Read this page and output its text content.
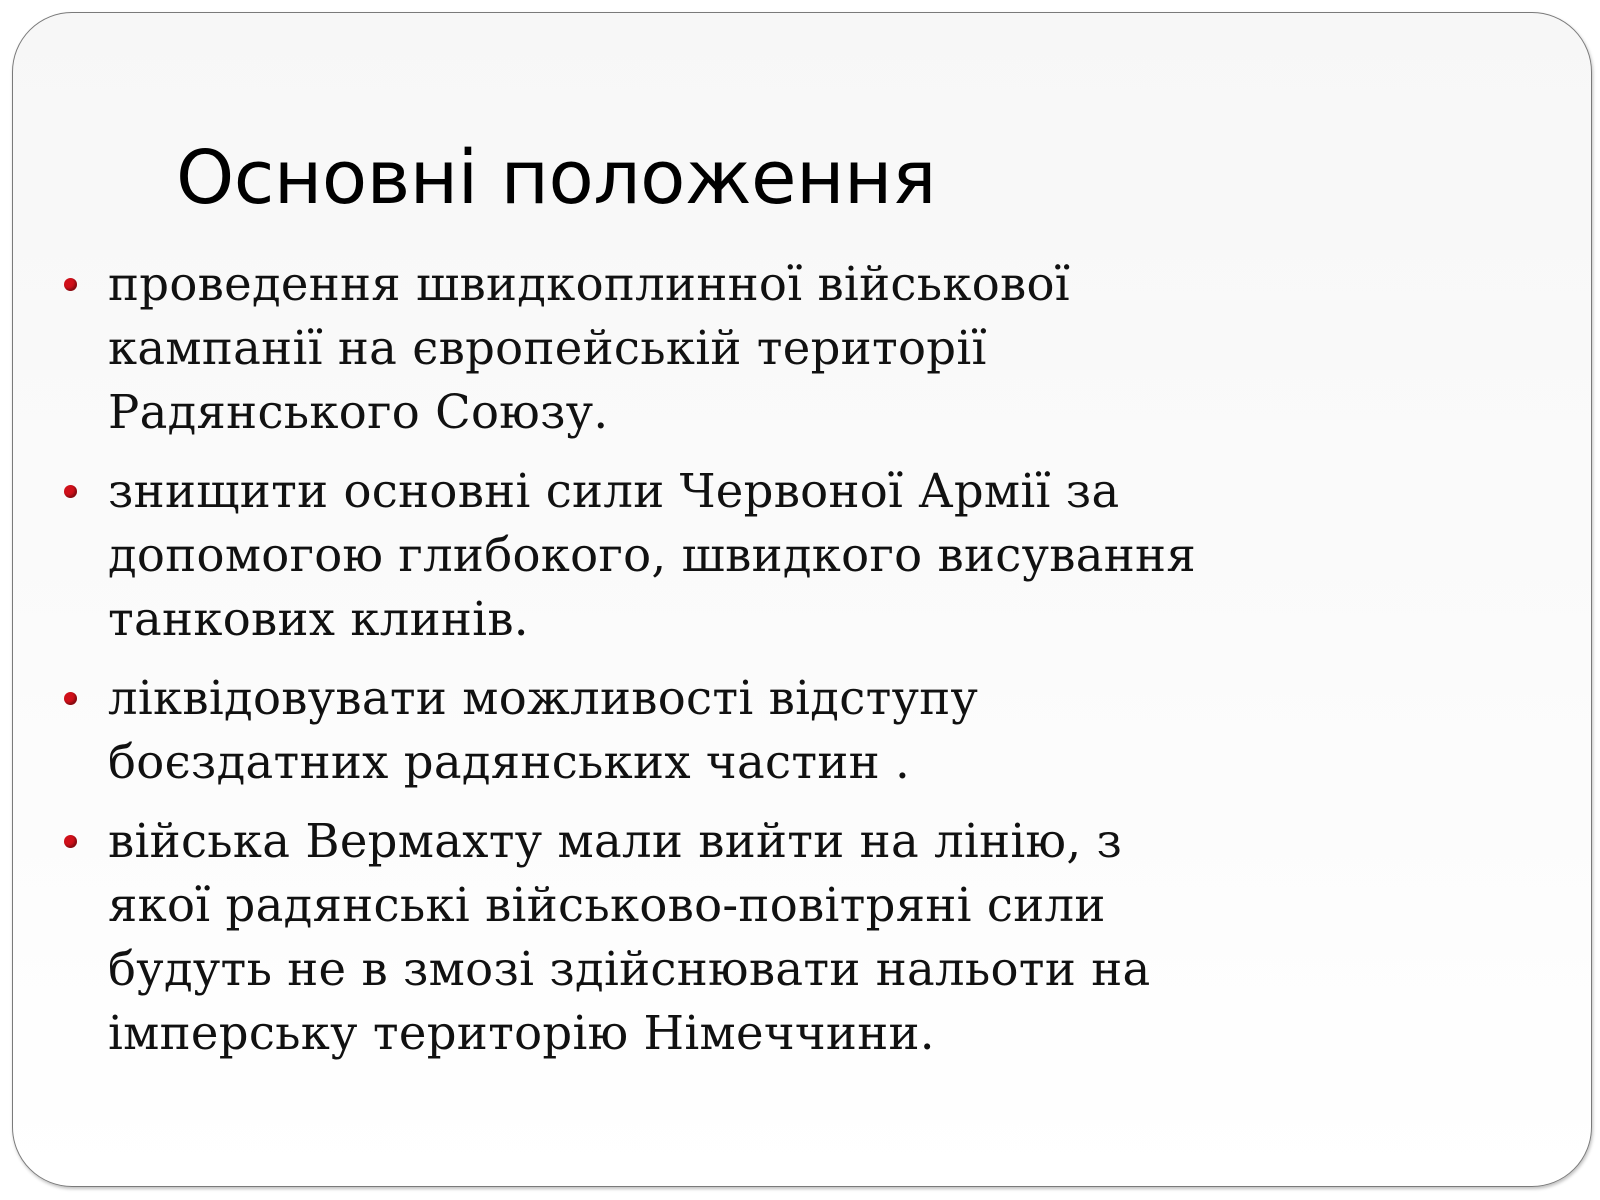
Основні положення
проведення швидкоплинної військової
кампанії на європейській території
Радянського Союзу.
знищити основні сили Червоної Армії за
допомогою глибокого, швидкого висування
танкових клинів.
ліквідовувати можливості відступу
боєздатних радянських частин .
війська Вермахту мали вийти на лінію, з
якої радянські військово-повітряні сили
будуть не в змозі здійснювати нальоти на
імперську територію Німеччини.
